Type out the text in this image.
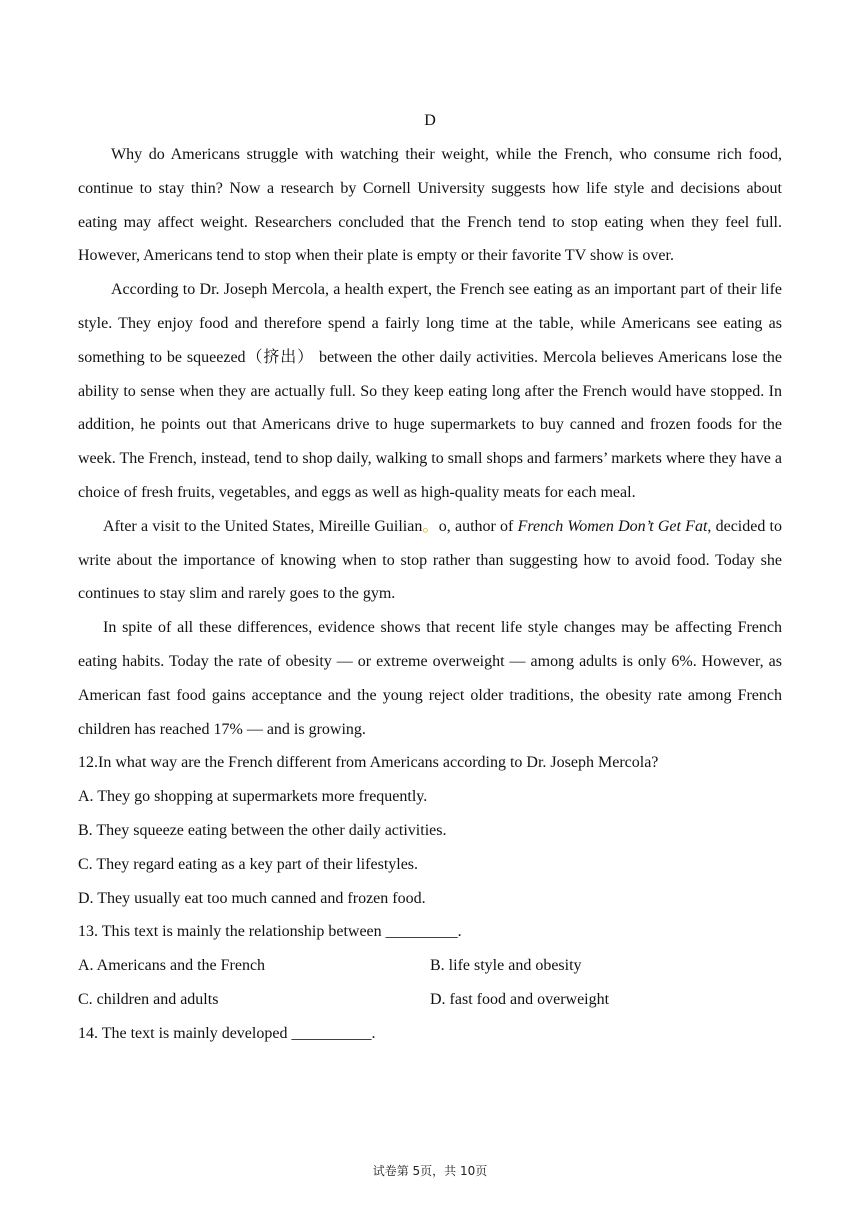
D

Why do Americans struggle with watching their weight, while the French, who consume rich food, continue to stay thin? Now a research by Cornell University suggests how life style and decisions about eating may affect weight. Researchers concluded that the French tend to stop eating when they feel full. However, Americans tend to stop when their plate is empty or their favorite TV show is over.

According to Dr. Joseph Mercola, a health expert, the French see eating as an important part of their life style. They enjoy food and therefore spend a fairly long time at the table, while Americans see eating as something to be squeezed（挤出） between the other daily activities. Mercola believes Americans lose the ability to sense when they are actually full. So they keep eating long after the French would have stopped. In addition, he points out that Americans drive to huge supermarkets to buy canned and frozen foods for the week. The French, instead, tend to shop daily, walking to small shops and farmers’ markets where they have a choice of fresh fruits, vegetables, and eggs as well as high-quality meats for each meal.

After a visit to the United States, Mireille Guilian。o, author of French Women Don’t Get Fat, decided to write about the importance of knowing when to stop rather than suggesting how to avoid food. Today she continues to stay slim and rarely goes to the gym.

In spite of all these differences, evidence shows that recent life style changes may be affecting French eating habits. Today the rate of obesity — or extreme overweight — among adults is only 6%. However, as American fast food gains acceptance and the young reject older traditions, the obesity rate among French children has reached 17% — and is growing.

12.In what way are the French different from Americans according to Dr. Joseph Mercola?

A. They go shopping at supermarkets more frequently.

B. They squeeze eating between the other daily activities.

C. They regard eating as a key part of their lifestyles.

D. They usually eat too much canned and frozen food.

13. This text is mainly the relationship between _________.

A. Americans and the French	B. life style and obesity
C. children and adults	D. fast food and overweight

14. The text is mainly developed __________.

试卷第 5页，共 10页
